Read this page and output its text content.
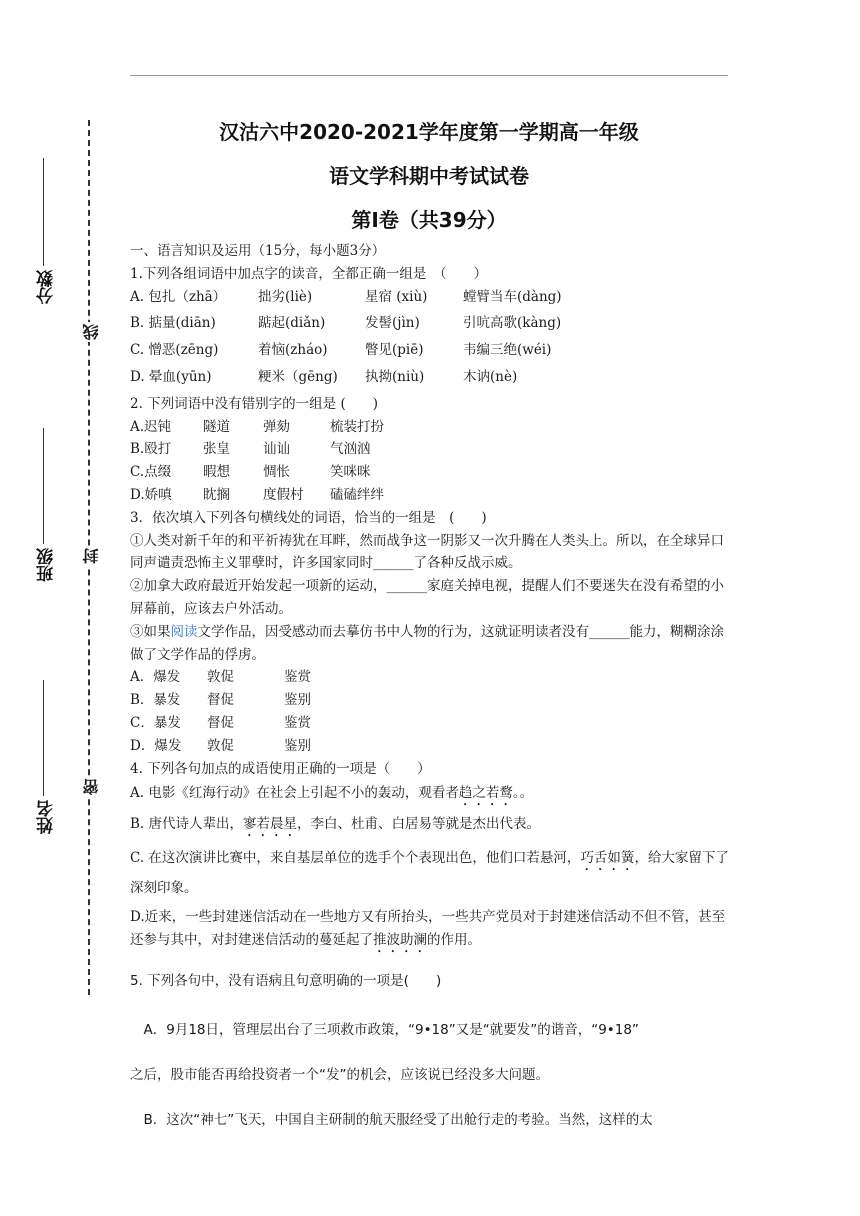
分数
班级
姓名
线
封
密
汉沽六中2020-2021学年度第一学期高一年级
语文学科期中考试试卷
第Ⅰ卷（共39分）

一、语言知识及运用（15分，每小题3分）

1.下列各组词语中加点字的读音，全都正确一组是　（　　）

A. 包扎（zhā）	拙劣(liè)	星宿 (xiù)	螳臂当车(dàng)
B. 掂量(diān)	踮起(diǎn)	发髻(jìn)	引吭高歌(kàng)
C. 憎恶(zēng)	着恼(zháo)	瞥见(piē)	韦编三绝(wéi)
D. 晕血(yūn)	粳米（gēng)	执拗(niù)	木讷(nè)

2. 下列词语中没有错别字的一组是 (　　)

A.迟钝	隧道	弹劾	梳装打扮
B.殴打	张皇	讪讪	气汹汹
C.点缀	暇想	惆怅	笑咪咪
D.娇嗔	眈搁	度假村	磕磕绊绊

3．依次填入下列各句横线处的词语，恰当的一组是　(　　)

①人类对新千年的和平祈祷犹在耳畔，然而战争这一阴影又一次升腾在人类头上。所以，在全球异口同声谴责恐怖主义罪孽时，许多国家同时______了各种反战示威。

②加拿大政府最近开始发起一项新的运动，______家庭关掉电视，提醒人们不要迷失在没有希望的小屏幕前，应该去户外活动。

③如果阅读文学作品，因受感动而去摹仿书中人物的行为，这就证明读者没有______能力，糊糊涂涂做了文学作品的俘虏。

A．爆发	敦促	鉴赏
B．暴发	督促	鉴别
C．暴发	督促	鉴赏
D．爆发	敦促	鉴别

4. 下列各句加点的成语使用正确的一项是（　　）

A. 电影《红海行动》在社会上引起不小的轰动，观看者趋之若鹜。。

B. 唐代诗人辈出，寥若晨星，李白、杜甫、白居易等就是杰出代表。

C. 在这次演讲比赛中，来自基层单位的选手个个表现出色，他们口若悬河，巧舌如簧，给大家留下了深刻印象。

D.近来，一些封建迷信活动在一些地方又有所抬头，一些共产党员对于封建迷信活动不但不管，甚至还参与其中，对封建迷信活动的蔓延起了推波助澜的作用。

5. 下列各句中，没有语病且句意明确的一项是(　　)

A．9月18日，管理层出台了三项救市政策，“9•18”又是“就要发”的谐音，“9•18”

之后，股市能否再给投资者一个“发”的机会，应该说已经没多大问题。

B．这次“神七”飞天，中国自主研制的航天服经受了出舱行走的考验。当然，这样的太
